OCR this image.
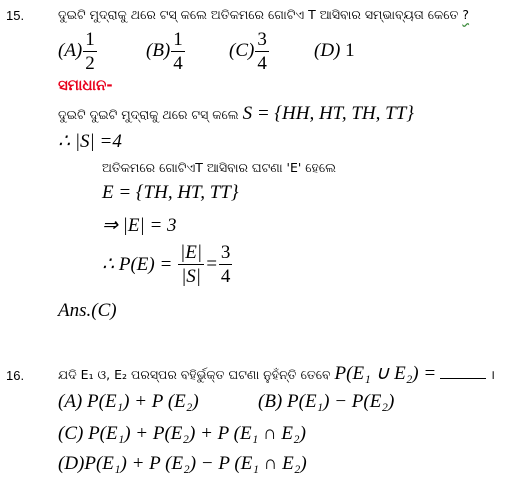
15.	ଦୁଇଟି ମୁଦ୍ରାକୁ ଥରେ ଟସ୍ କଲେ ଅତିକମରେ ଗୋଟିଏ T ଆସିବାର ସମ୍ଭାବ୍ୟତା କେତେ ?
$(A) \frac{1}{2}$	$(B) \frac{1}{4} (C) \frac{3}{4} (D)$ 1
ସମାଧାନ-
ଦୁଇଟି ଦୁଇଟି ମୁଦ୍ରାକୁ ଥରେ ଟସ୍ କଲେ S = {HH, HT, TH, TT}
∴ |S| =4
ଅତିକମରେ ଗୋଟିଏT ଆସିବାର ଘଟଣା 'E' ହେଲେ
E = {TH, HT, TT}
⇒ |E| = 3
∴ $P(E) = \frac{|E|}{|S|} = \frac{3}{4}$
Ans.(C)
16.	ଯଦି E₁ ଓ, E₂ ପରସ୍ପର ବହିର୍ଭୁକ୍ତ ଘଟଣା ନୁହଁନ୍ତି ତେବେ P(E₁ ∪ E₂) =	।
(A) P(E₁) + P (E₂)	(B) P(E₁) − P(E₂)
(C) P(E₁) + P(E₂) + P (E₁ ∩ E₂)
(D)P(E₁) + P (E₂) − P (E₁ ∩ E₂)
